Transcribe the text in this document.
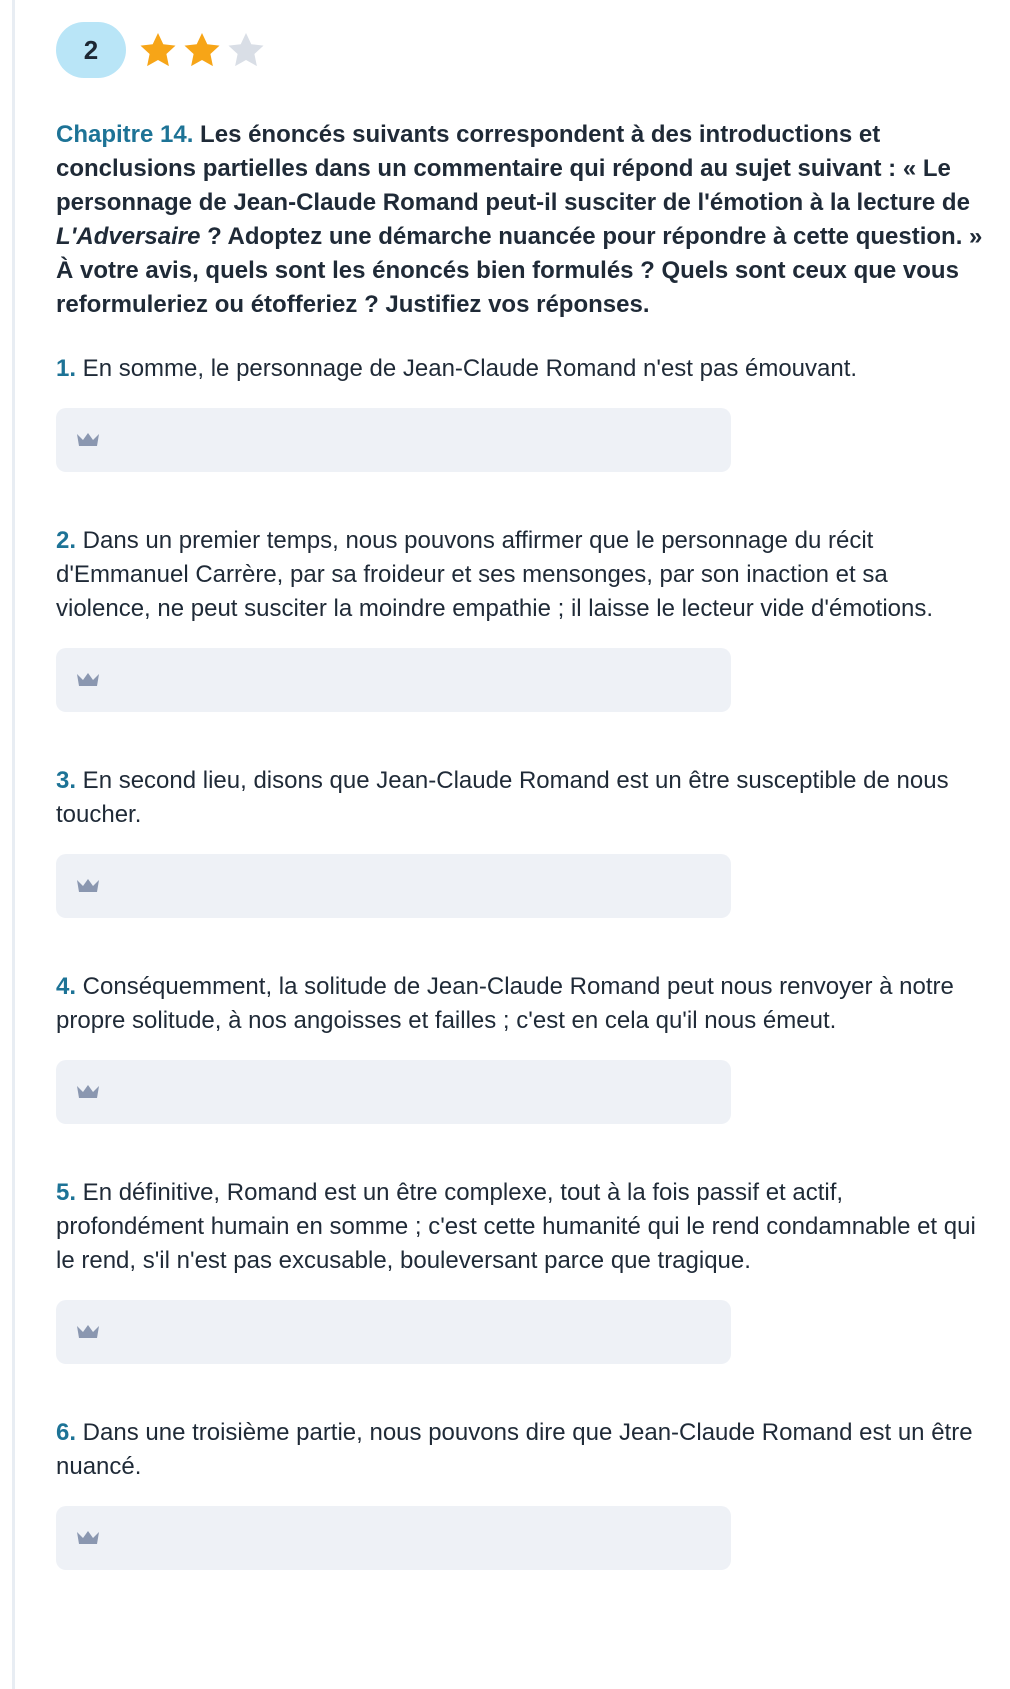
2

Chapitre 14. Les énoncés suivants correspondent à des introductions et conclusions partielles dans un commentaire qui répond au sujet suivant : « Le personnage de Jean-Claude Romand peut-il susciter de l'émotion à la lecture de L'Adversaire ? Adoptez une démarche nuancée pour répondre à cette question. » À votre avis, quels sont les énoncés bien formulés ? Quels sont ceux que vous reformuleriez ou étofferiez ? Justifiez vos réponses.

1. En somme, le personnage de Jean-Claude Romand n'est pas émouvant.

2. Dans un premier temps, nous pouvons affirmer que le personnage du récit d'Emmanuel Carrère, par sa froideur et ses mensonges, par son inaction et sa violence, ne peut susciter la moindre empathie ; il laisse le lecteur vide d'émotions.

3. En second lieu, disons que Jean-Claude Romand est un être susceptible de nous toucher.

4. Conséquemment, la solitude de Jean-Claude Romand peut nous renvoyer à notre propre solitude, à nos angoisses et failles ; c'est en cela qu'il nous émeut.

5. En définitive, Romand est un être complexe, tout à la fois passif et actif, profondément humain en somme ; c'est cette humanité qui le rend condamnable et qui le rend, s'il n'est pas excusable, bouleversant parce que tragique.

6. Dans une troisième partie, nous pouvons dire que Jean-Claude Romand est un être nuancé.
